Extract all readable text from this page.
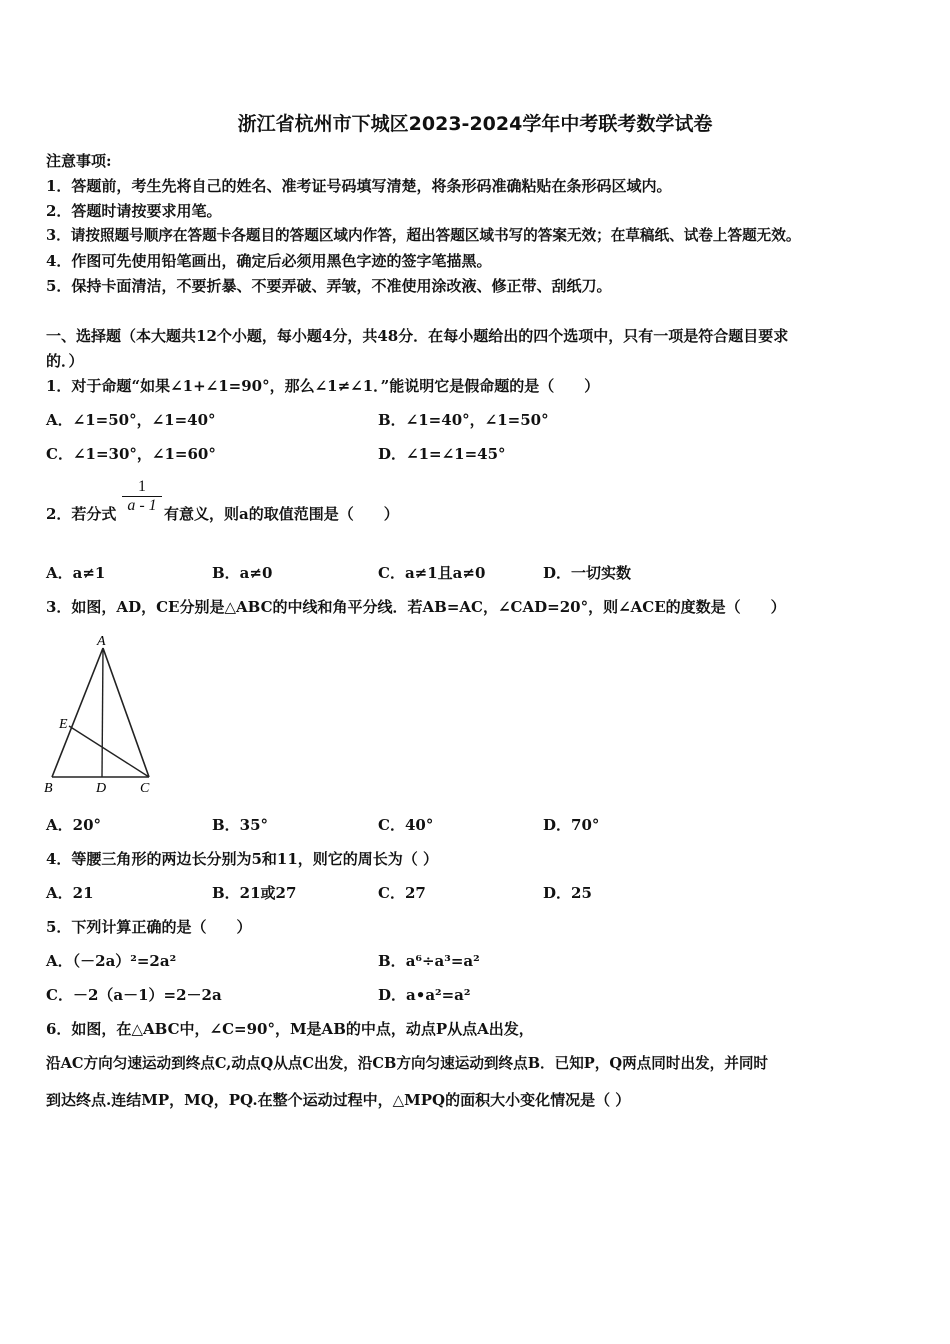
浙江省杭州市下城区2023-2024学年中考联考数学试卷
注意事项:
1．答题前，考生先将自己的姓名、准考证号码填写清楚，将条形码准确粘贴在条形码区域内。
2．答题时请按要求用笔。
3．请按照题号顺序在答题卡各题目的答题区域内作答，超出答题区域书写的答案无效；在草稿纸、试卷上答题无效。
4．作图可先使用铅笔画出，确定后必须用黑色字迹的签字笔描黑。
5．保持卡面清洁，不要折暴、不要弄破、弄皱，不准使用涂改液、修正带、刮纸刀。
一、选择题（本大题共12个小题，每小题4分，共48分．在每小题给出的四个选项中，只有一项是符合题目要求
的．）
1．对于命题“如果∠1+∠1=90°，那么∠1≠∠1．”能说明它是假命题的是（　　）
A．∠1=50°，∠1=40°	B．∠1=40°，∠1=50°
C．∠1=30°，∠1=60°	D．∠1=∠1=45°
2．若分式
1
a - 1 有意义，则a的取值范围是（　　）
A．a≠1	B．a≠0	C．a≠1且a≠0	D．一切实数
3．如图，AD，CE分别是△ABC的中线和角平分线．若AB=AC，∠CAD=20°，则∠ACE的度数是（　　）
A
E
B	D C
A．20°	B．35°	C．40°	D．70°
4．等腰三角形的两边长分别为5和11，则它的周长为（ ）
A．21	B．21或27	C．27	D．25
5．下列计算正确的是（　　）
A．（－2a）²=2a²	B．a⁶÷a³=a²
C．－2（a－1）=2－2a	D．a•a²=a²
6．如图，在△ABC中，∠C=90°，M是AB的中点，动点P从点A出发，
沿AC方向匀速运动到终点C,动点Q从点C出发，沿CB方向匀速运动到终点B．已知P，Q两点同时出发，并同时
到达终点.连结MP，MQ，PQ.在整个运动过程中，△MPQ的面积大小变化情况是（ ）
